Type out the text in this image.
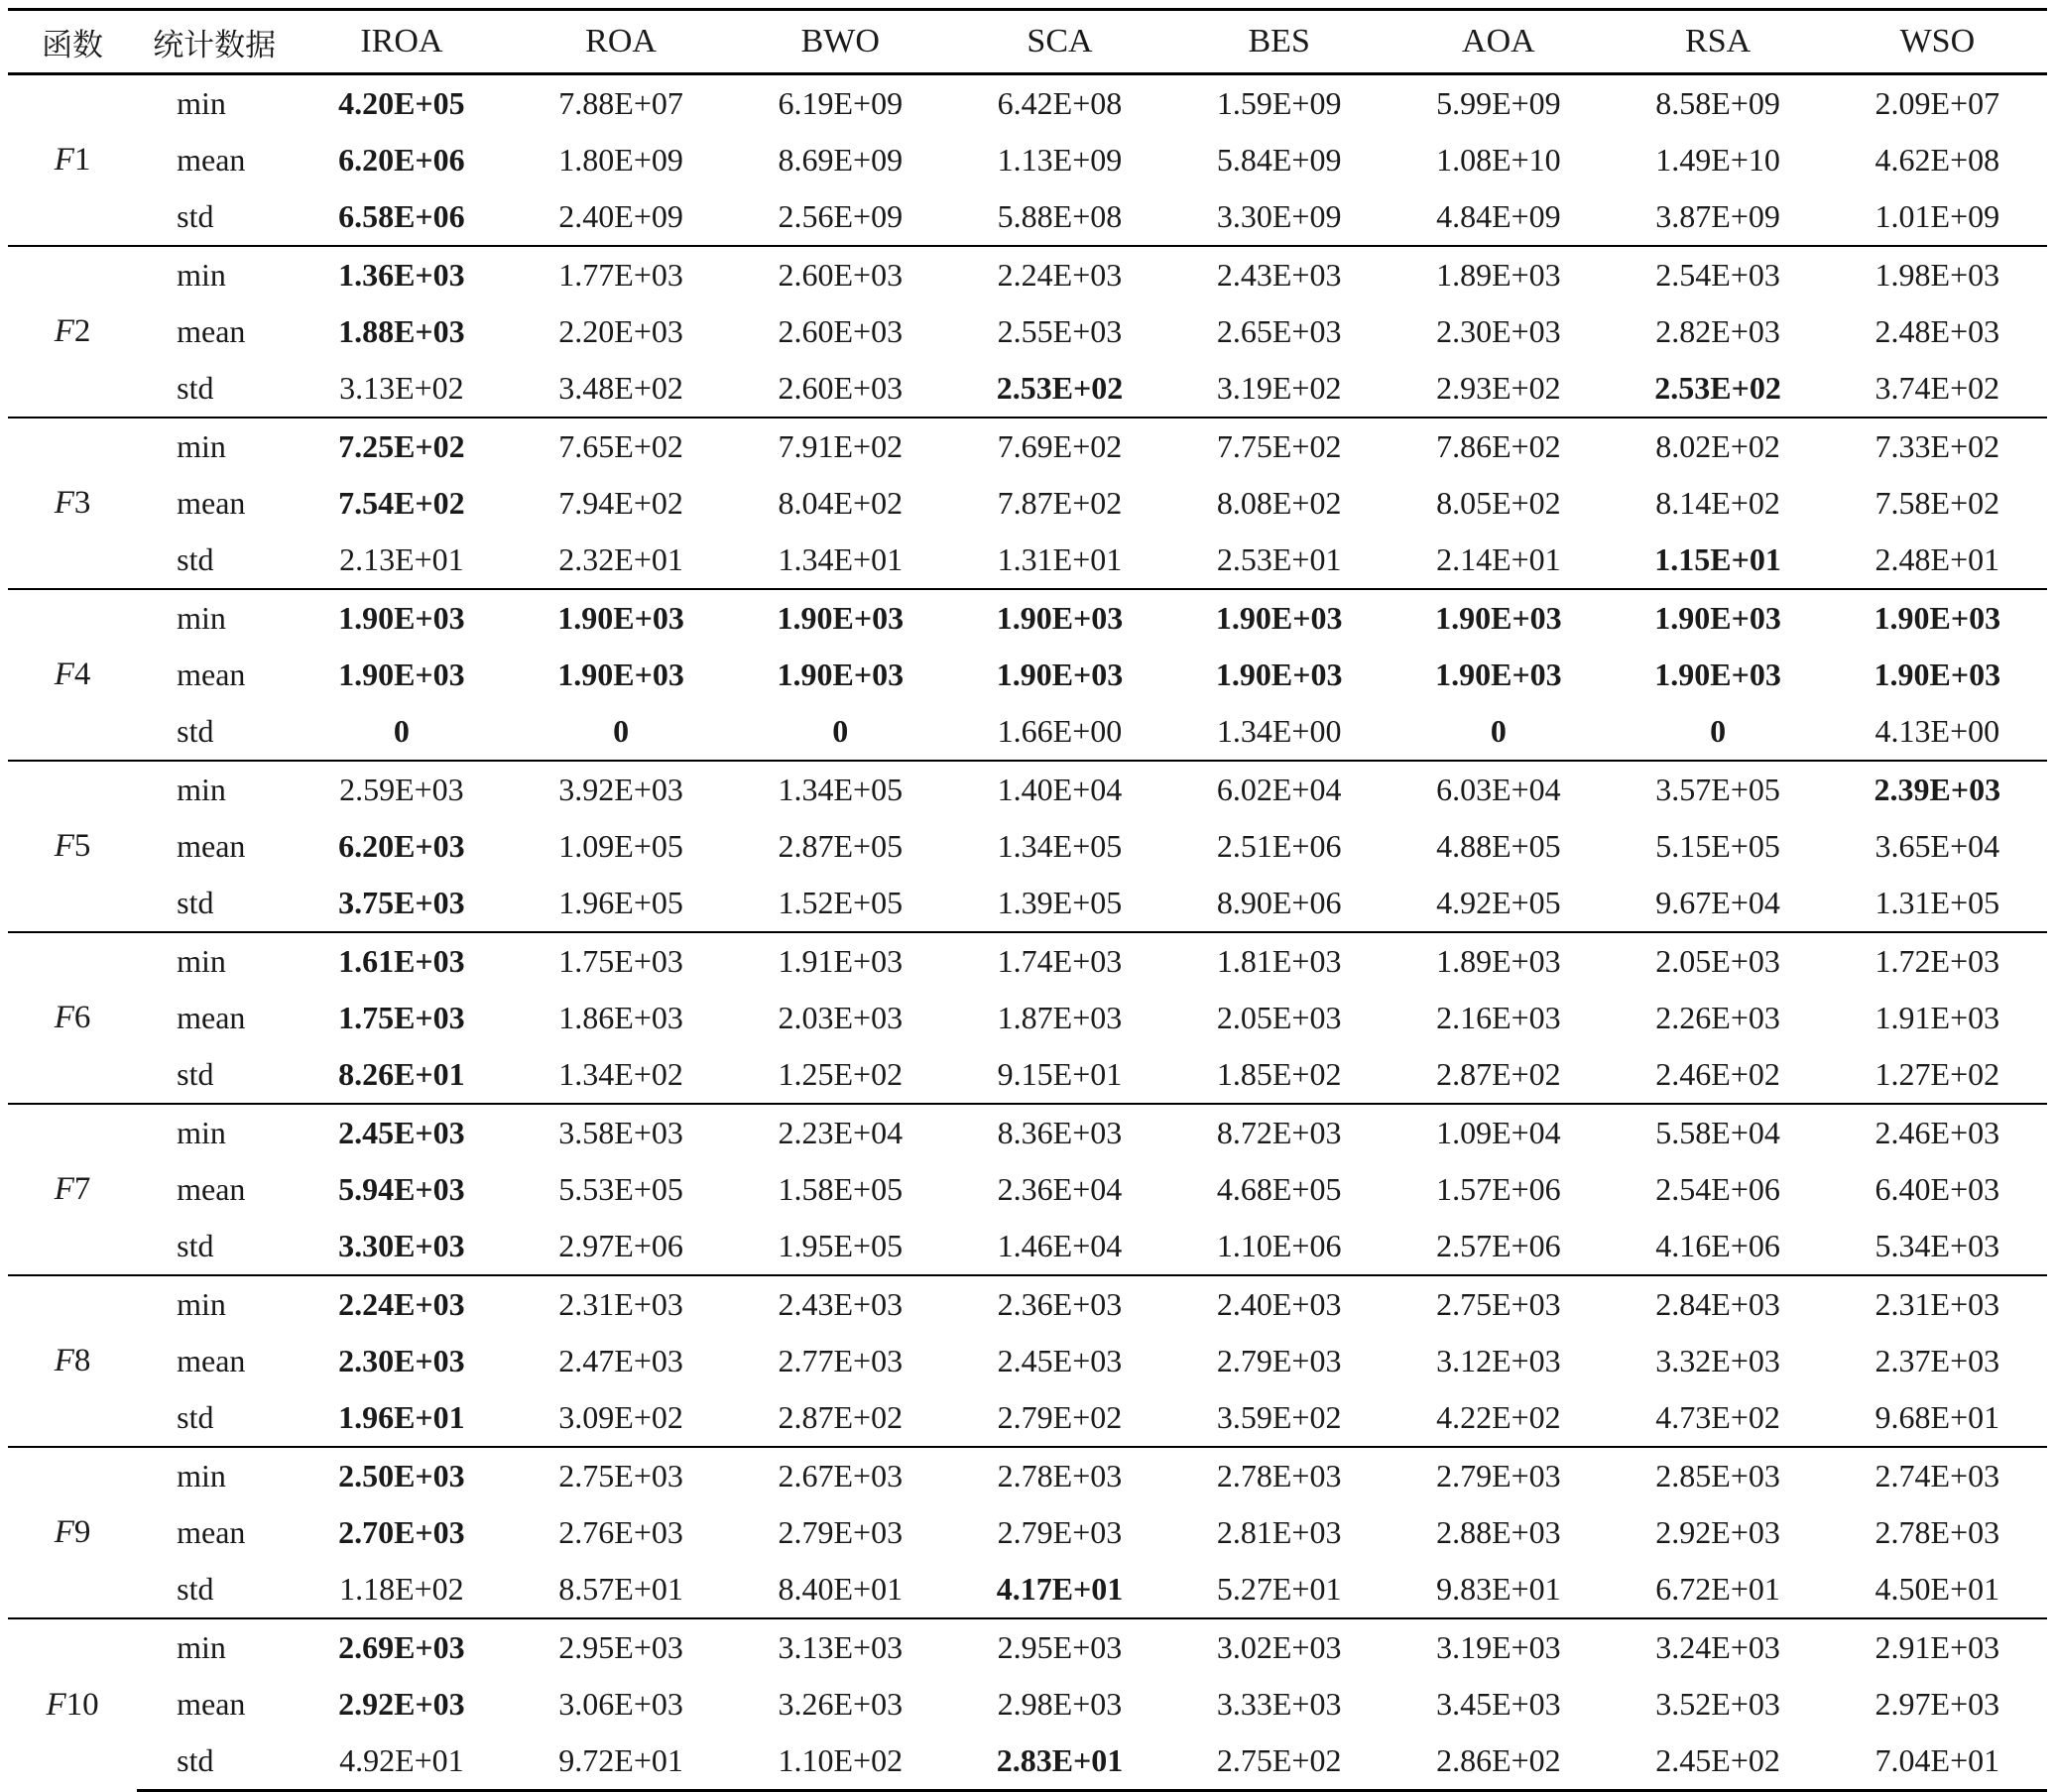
函数	统计数据	IROA	ROA	BWO	SCA	BES	AOA	RSA	WSO
F1	min	4.20E+05	7.88E+07	6.19E+09	6.42E+08	1.59E+09	5.99E+09	8.58E+09	2.09E+07
	mean	6.20E+06	1.80E+09	8.69E+09	1.13E+09	5.84E+09	1.08E+10	1.49E+10	4.62E+08
	std	6.58E+06	2.40E+09	2.56E+09	5.88E+08	3.30E+09	4.84E+09	3.87E+09	1.01E+09
F2	min	1.36E+03	1.77E+03	2.60E+03	2.24E+03	2.43E+03	1.89E+03	2.54E+03	1.98E+03
	mean	1.88E+03	2.20E+03	2.60E+03	2.55E+03	2.65E+03	2.30E+03	2.82E+03	2.48E+03
	std	3.13E+02	3.48E+02	2.60E+03	2.53E+02	3.19E+02	2.93E+02	2.53E+02	3.74E+02
F3	min	7.25E+02	7.65E+02	7.91E+02	7.69E+02	7.75E+02	7.86E+02	8.02E+02	7.33E+02
	mean	7.54E+02	7.94E+02	8.04E+02	7.87E+02	8.08E+02	8.05E+02	8.14E+02	7.58E+02
	std	2.13E+01	2.32E+01	1.34E+01	1.31E+01	2.53E+01	2.14E+01	1.15E+01	2.48E+01
F4	min	1.90E+03	1.90E+03	1.90E+03	1.90E+03	1.90E+03	1.90E+03	1.90E+03	1.90E+03
	mean	1.90E+03	1.90E+03	1.90E+03	1.90E+03	1.90E+03	1.90E+03	1.90E+03	1.90E+03
	std	0	0	0	1.66E+00	1.34E+00	0	0	4.13E+00
F5	min	2.59E+03	3.92E+03	1.34E+05	1.40E+04	6.02E+04	6.03E+04	3.57E+05	2.39E+03
	mean	6.20E+03	1.09E+05	2.87E+05	1.34E+05	2.51E+06	4.88E+05	5.15E+05	3.65E+04
	std	3.75E+03	1.96E+05	1.52E+05	1.39E+05	8.90E+06	4.92E+05	9.67E+04	1.31E+05
F6	min	1.61E+03	1.75E+03	1.91E+03	1.74E+03	1.81E+03	1.89E+03	2.05E+03	1.72E+03
	mean	1.75E+03	1.86E+03	2.03E+03	1.87E+03	2.05E+03	2.16E+03	2.26E+03	1.91E+03
	std	8.26E+01	1.34E+02	1.25E+02	9.15E+01	1.85E+02	2.87E+02	2.46E+02	1.27E+02
F7	min	2.45E+03	3.58E+03	2.23E+04	8.36E+03	8.72E+03	1.09E+04	5.58E+04	2.46E+03
	mean	5.94E+03	5.53E+05	1.58E+05	2.36E+04	4.68E+05	1.57E+06	2.54E+06	6.40E+03
	std	3.30E+03	2.97E+06	1.95E+05	1.46E+04	1.10E+06	2.57E+06	4.16E+06	5.34E+03
F8	min	2.24E+03	2.31E+03	2.43E+03	2.36E+03	2.40E+03	2.75E+03	2.84E+03	2.31E+03
	mean	2.30E+03	2.47E+03	2.77E+03	2.45E+03	2.79E+03	3.12E+03	3.32E+03	2.37E+03
	std	1.96E+01	3.09E+02	2.87E+02	2.79E+02	3.59E+02	4.22E+02	4.73E+02	9.68E+01
F9	min	2.50E+03	2.75E+03	2.67E+03	2.78E+03	2.78E+03	2.79E+03	2.85E+03	2.74E+03
	mean	2.70E+03	2.76E+03	2.79E+03	2.79E+03	2.81E+03	2.88E+03	2.92E+03	2.78E+03
	std	1.18E+02	8.57E+01	8.40E+01	4.17E+01	5.27E+01	9.83E+01	6.72E+01	4.50E+01
F10	min	2.69E+03	2.95E+03	3.13E+03	2.95E+03	3.02E+03	3.19E+03	3.24E+03	2.91E+03
	mean	2.92E+03	3.06E+03	3.26E+03	2.98E+03	3.33E+03	3.45E+03	3.52E+03	2.97E+03
	std	4.92E+01	9.72E+01	1.10E+02	2.83E+01	2.75E+02	2.86E+02	2.45E+02	7.04E+01
